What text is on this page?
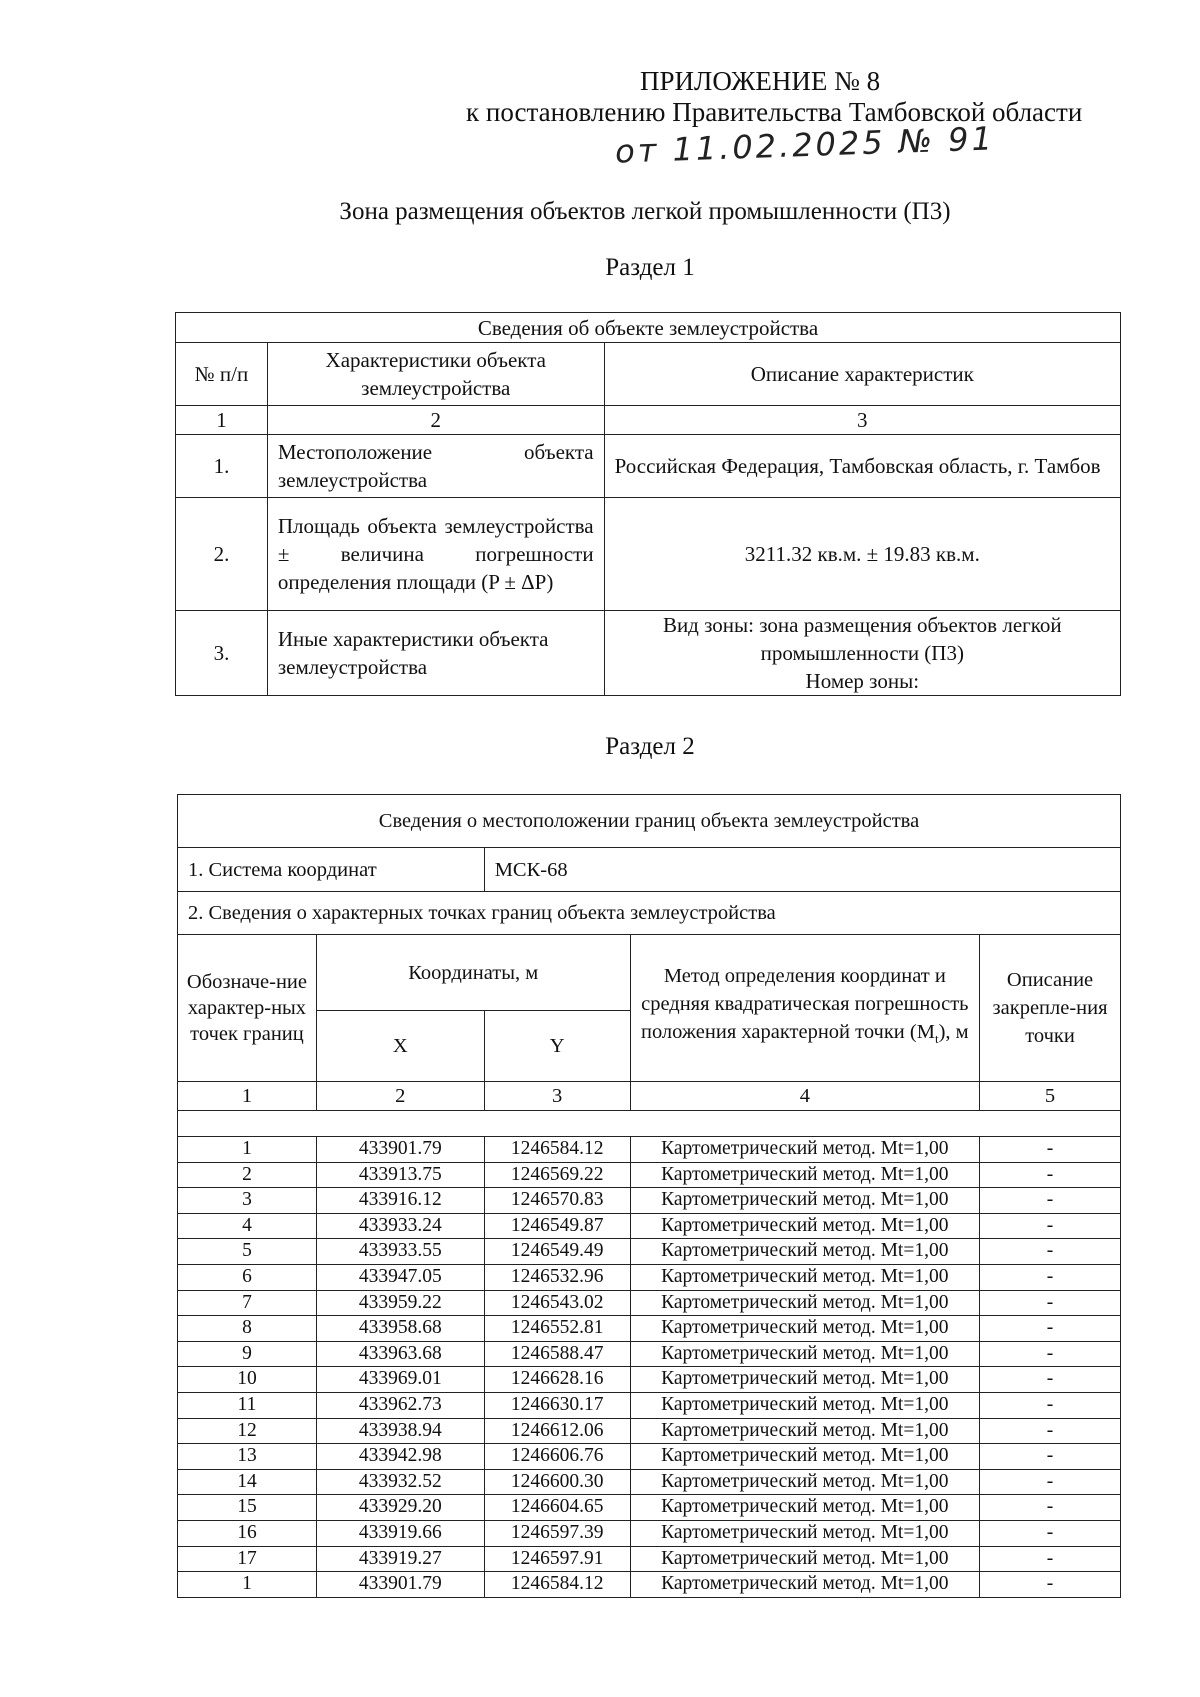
ПРИЛОЖЕНИЕ № 8
к постановлению Правительства Тамбовской области
от 11.02.2025 № 91
Зона размещения объектов легкой промышленности (П3)
Раздел 1
Сведения об объекте землеустройства		
№ п/п	Характеристики объекта землеустройства	Описание характеристик
1	2	3
1.	Местоположение объекта землеустройства	Российская Федерация, Тамбовская область, г. Тамбов
2.	Площадь объекта землеустройства ± величина погрешности определения площади (P ± ΔP)	3211.32 кв.м. ± 19.83 кв.м.
3.	Иные характеристики объекта землеустройства	Вид зоны: зона размещения объектов легкой промышленности (П3)
Номер зоны:
Раздел 2
Сведения о местоположении границ объекта землеустройства				
1. Система координат		МСК-68		
2. Сведения о характерных точках границ объекта землеустройства				
Обозначе-ние характер-ных точек границ	Координаты, м		Метод определения координат и средняя квадратическая погрешность положения характерной точки $(M_t)$, м	Описание закрепле-ния точки
	X	Y		
1	2	3	4	5

1	433901.79	1246584.12	Картометрический метод. Mt=1,00	-
2	433913.75	1246569.22	Картометрический метод. Mt=1,00	-
3	433916.12	1246570.83	Картометрический метод. Mt=1,00	-
4	433933.24	1246549.87	Картометрический метод. Mt=1,00	-
5	433933.55	1246549.49	Картометрический метод. Mt=1,00	-
6	433947.05	1246532.96	Картометрический метод. Mt=1,00	-
7	433959.22	1246543.02	Картометрический метод. Mt=1,00	-
8	433958.68	1246552.81	Картометрический метод. Mt=1,00	-
9	433963.68	1246588.47	Картометрический метод. Mt=1,00	-
10	433969.01	1246628.16	Картометрический метод. Mt=1,00	-
11	433962.73	1246630.17	Картометрический метод. Mt=1,00	-
12	433938.94	1246612.06	Картометрический метод. Mt=1,00	-
13	433942.98	1246606.76	Картометрический метод. Mt=1,00	-
14	433932.52	1246600.30	Картометрический метод. Mt=1,00	-
15	433929.20	1246604.65	Картометрический метод. Mt=1,00	-
16	433919.66	1246597.39	Картометрический метод. Mt=1,00	-
17	433919.27	1246597.91	Картометрический метод. Mt=1,00	-
1	433901.79	1246584.12	Картометрический метод. Mt=1,00	-
